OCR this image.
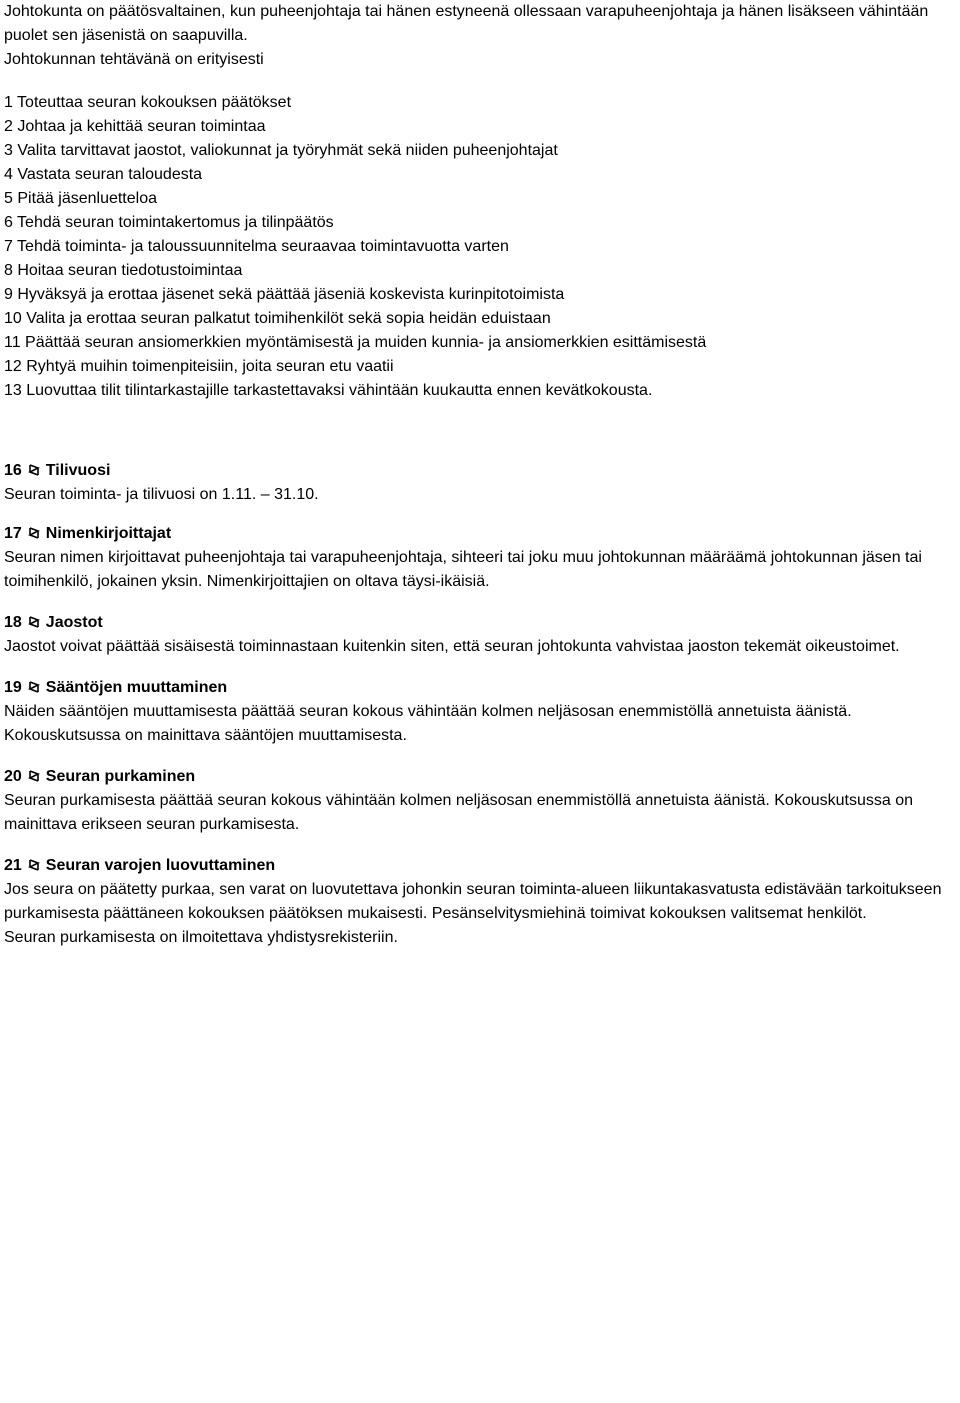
Johtokunta on päätösvaltainen, kun puheenjohtaja tai hänen estyneenä ollessaan varapuheenjohtaja ja hänen lisäkseen vähintään puolet sen jäsenistä on saapuvilla.

Johtokunnan tehtävänä on erityisesti

1 Toteuttaa seuran kokouksen päätökset

2 Johtaa ja kehittää seuran toimintaa

3 Valita tarvittavat jaostot, valiokunnat ja työryhmät sekä niiden puheenjohtajat

4 Vastata seuran taloudesta

5 Pitää jäsenluetteloa

6 Tehdä seuran toimintakertomus ja tilinpäätös

7 Tehdä toiminta- ja taloussuunnitelma seuraavaa toimintavuotta varten

8 Hoitaa seuran tiedotustoimintaa

9 Hyväksyä ja erottaa jäsenet sekä päättää jäseniä koskevista kurinpitotoimista

10 Valita ja erottaa seuran palkatut toimihenkilöt sekä sopia heidän eduistaan

11 Päättää seuran ansiomerkkien myöntämisestä ja muiden kunnia- ja ansiomerkkien esittämisestä

12 Ryhtyä muihin toimenpiteisiin, joita seuran etu vaatii

13 Luovuttaa tilit tilintarkastajille tarkastettavaksi vähintään kuukautta ennen kevätkokousta.

16 Tilivuosi

Seuran toiminta- ja tilivuosi on 1.11. – 31.10.

17 Nimenkirjoittajat

Seuran nimen kirjoittavat puheenjohtaja tai varapuheenjohtaja, sihteeri tai joku muu johtokunnan määräämä johtokunnan jäsen tai toimihenkilö, jokainen yksin. Nimenkirjoittajien on oltava täysi-ikäisiä.

18 Jaostot

Jaostot voivat päättää sisäisestä toiminnastaan kuitenkin siten, että seuran johtokunta vahvistaa jaoston tekemät oikeustoimet.

19 Sääntöjen muuttaminen

Näiden sääntöjen muuttamisesta päättää seuran kokous vähintään kolmen neljäsosan enemmistöllä annetuista äänistä. Kokouskutsussa on mainittava sääntöjen muuttamisesta.

20 Seuran purkaminen

Seuran purkamisesta päättää seuran kokous vähintään kolmen neljäsosan enemmistöllä annetuista äänistä. Kokouskutsussa on mainittava erikseen seuran purkamisesta.

21 Seuran varojen luovuttaminen

Jos seura on päätetty purkaa, sen varat on luovutettava johonkin seuran toiminta-alueen liikuntakasvatusta edistävään tarkoitukseen purkamisesta päättäneen kokouksen päätöksen mukaisesti. Pesänselvitysmiehinä toimivat kokouksen valitsemat henkilöt.

Seuran purkamisesta on ilmoitettava yhdistysrekisteriin.
